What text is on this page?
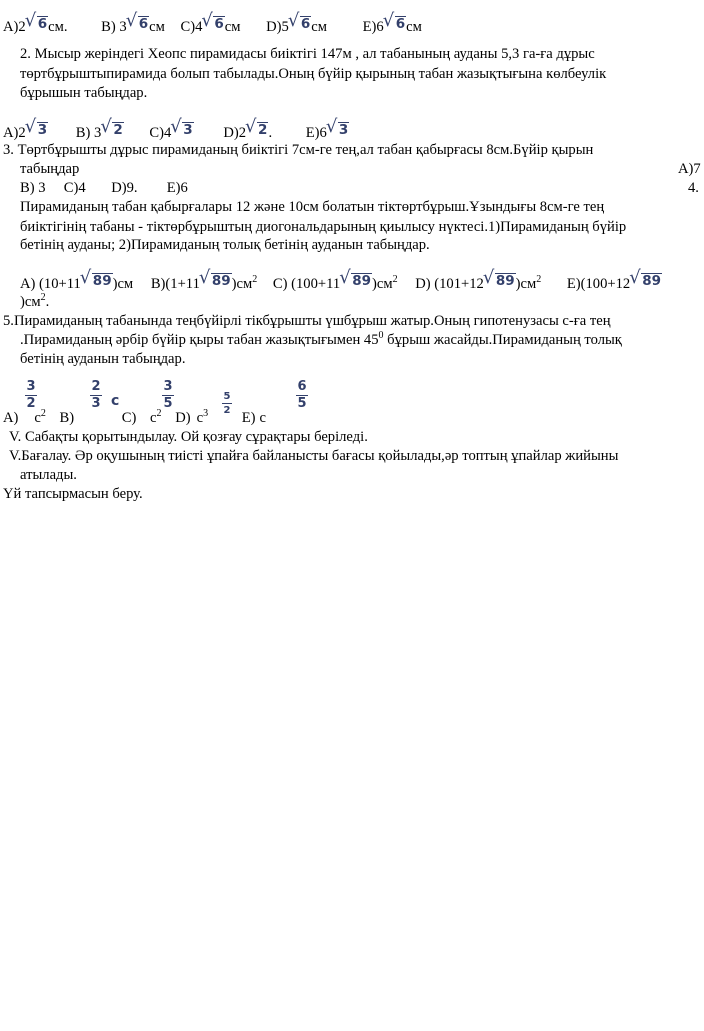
A)2 √ 6см. B) 3 √ 6см C)4 √ 6см D)5 √ 6см E)6 √ 6см
2. Мысыр жеріндегі Хеопс пирамидасы биіктігі 147м , ал табанының ауданы 5,3 га-ға дұрыс
төртбұрыштыпирамида болып табылады.Оның бүйір қырының табан жазықтығына көлбеулік
бұрышын табыңдар.
A)2 √ 3 B) 3 √ 2 C)4 √ 3 D)2 √ 2. E)6 √ 3
3. Төртбұрышты дұрыс пирамиданың биіктігі 7см-ге тең,ал табан қабырғасы 8см.Бүйір қырын
табыңдар	A)7
B) 3     C)4       D)9.        E)6	4.
Пирамиданың табан қабырғалары 12 және 10см болатын тіктөртбұрыш.Ұзындығы 8см-ге тең
биіктігінің табаны - тіктөрбұрыштың диогональдарының қиылысу нүктесі.1)Пирамиданың бүйір
бетінің ауданы; 2)Пирамиданың толық бетінің ауданын табыңдар.
A) (10+11 √ 89)см B)(1+11 √ $89)см^2$ C) (100+11 √ $89)см^2$ D) (101+12 √ $89)см^2$ E)(100+12 √ 89
)$см^2$.
5.Пирамиданың табанында теңбүйірлі тікбұрышты үшбұрыш жатыр.Оның гипотенузасы с-ға тең
.Пирамиданың әрбір бүйір қыры табан жазықтығымен $45^0$ бұрыш жасайды.Пирамиданың толық
бетінің ауданын табыңдар.
3
2
2
3 c
3
5	5
2
6
5
A) $c^2$ B)	C) $c^2$ D) $c^3$ E) c
V. Сабақты қорытындылау. Ой қозғау сұрақтары беріледі.
V.Бағалау. Әр оқушының тиісті ұпайға байланысты бағасы қойылады,әр топтың ұпайлар жийыны
атылады.
Үй тапсырмасын беру.
